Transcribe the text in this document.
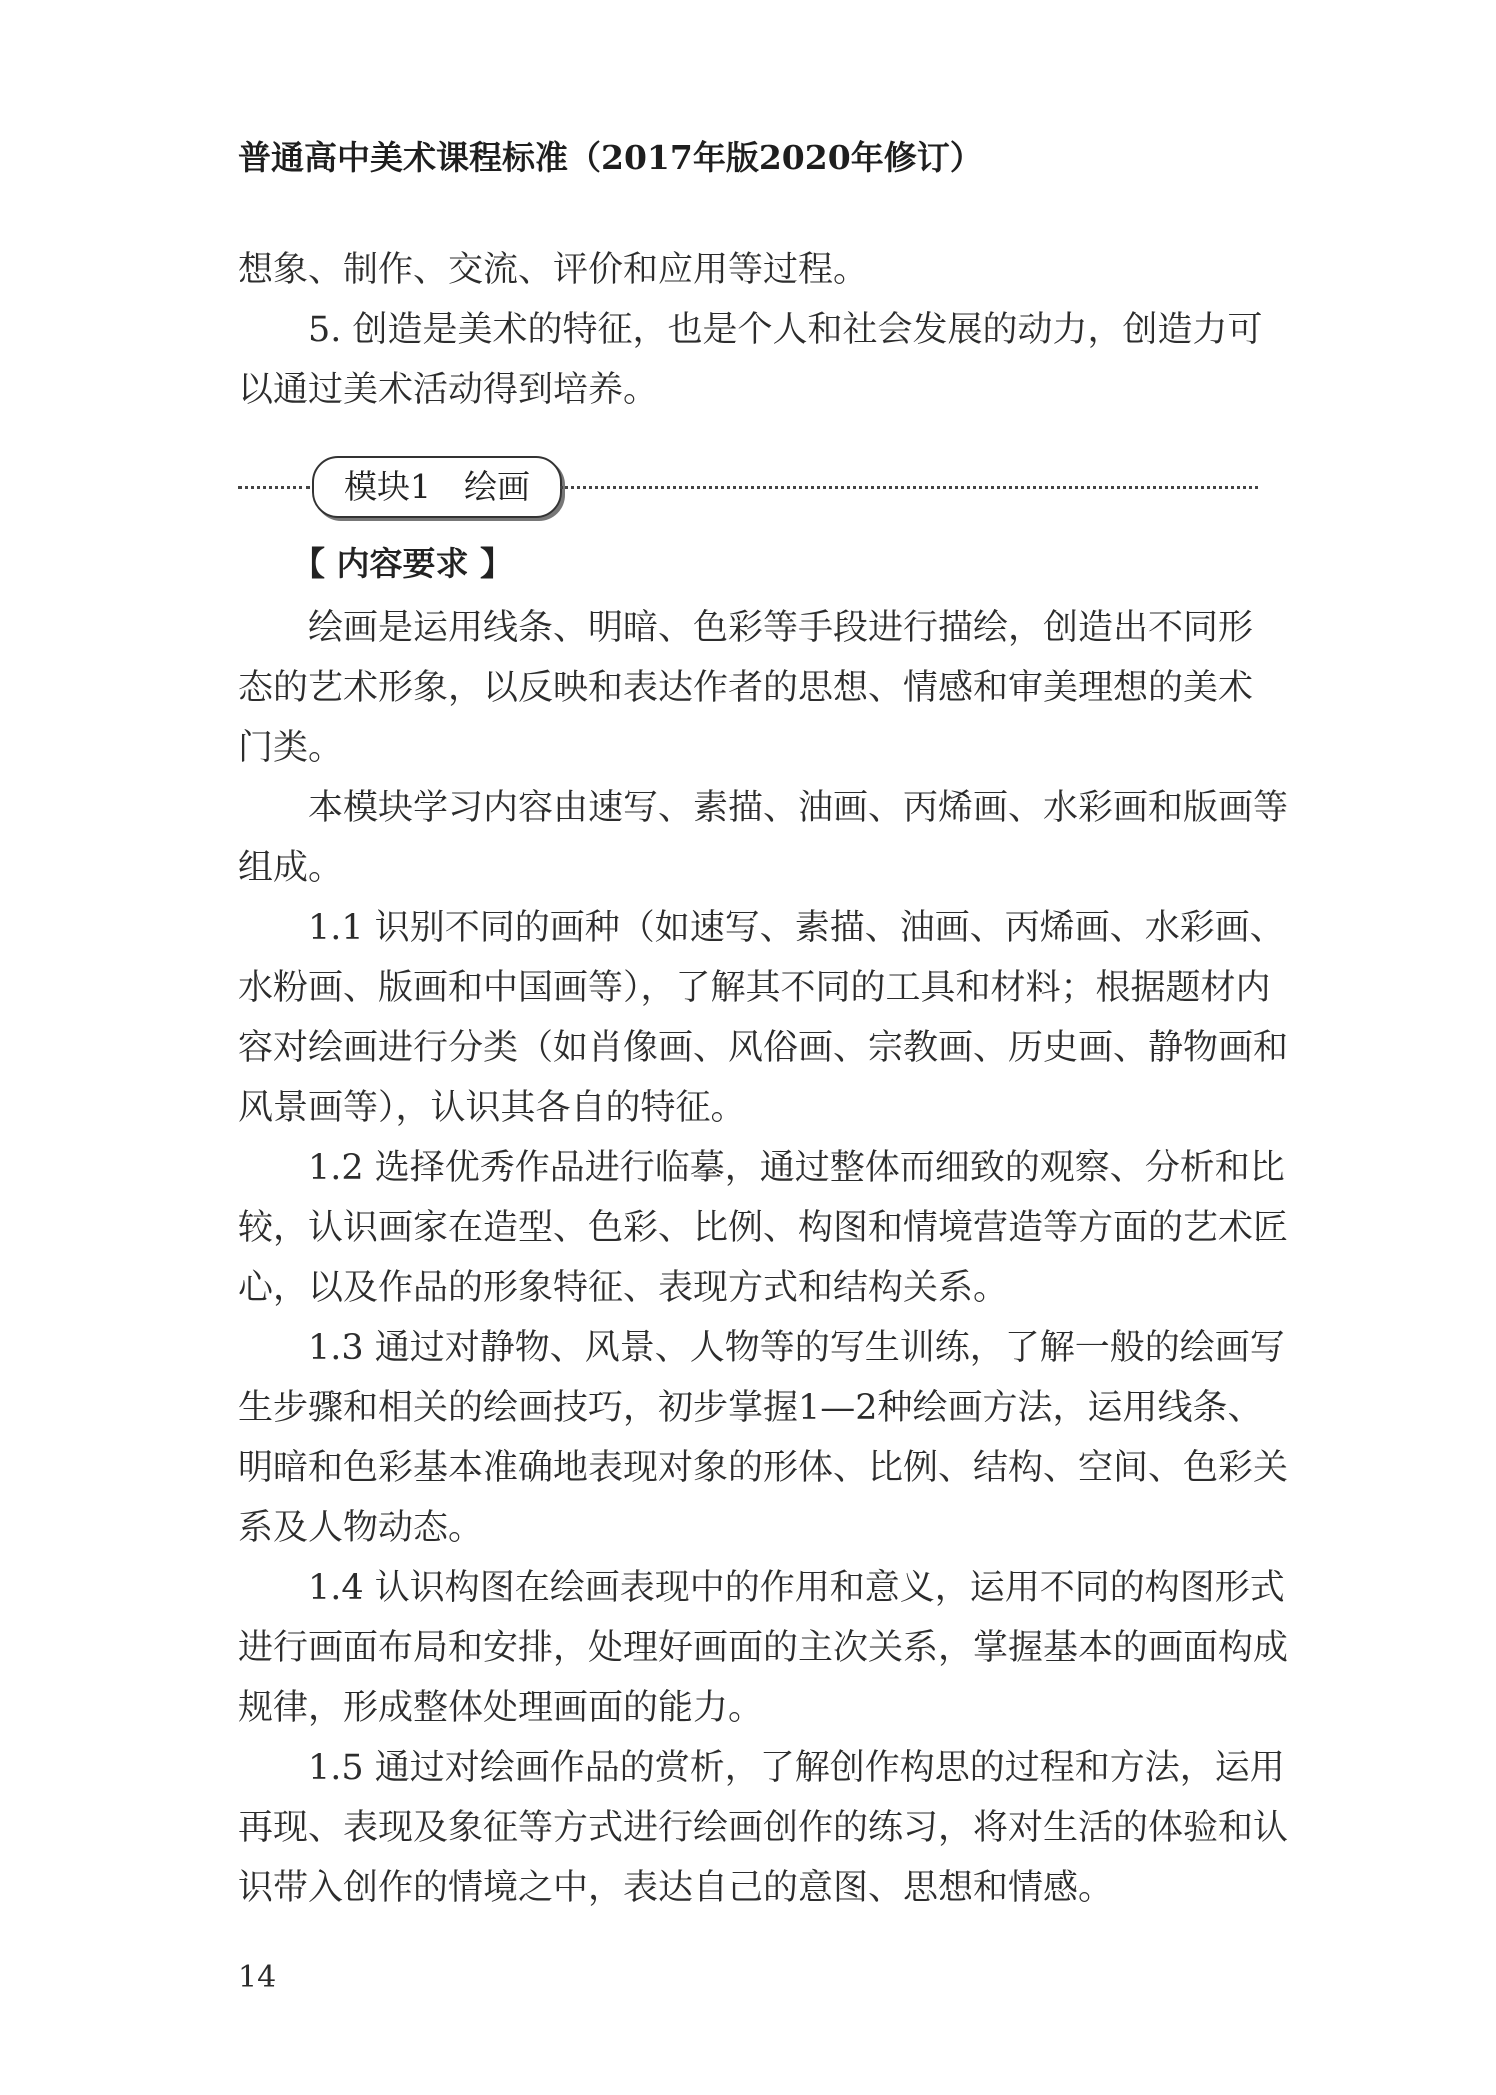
普通高中美术课程标准（2017年版2020年修订）
想象、制作、交流、评价和应用等过程。
5. 创造是美术的特征，也是个人和社会发展的动力，创造力可
以通过美术活动得到培养。
模块1　绘画
【 内容要求 】
绘画是运用线条、明暗、色彩等手段进行描绘，创造出不同形
态的艺术形象，以反映和表达作者的思想、情感和审美理想的美术
门类。
本模块学习内容由速写、素描、油画、丙烯画、水彩画和版画等
组成。
1.1 识别不同的画种（如速写、素描、油画、丙烯画、水彩画、
水粉画、版画和中国画等），了解其不同的工具和材料；根据题材内
容对绘画进行分类（如肖像画、风俗画、宗教画、历史画、静物画和
风景画等），认识其各自的特征。
1.2 选择优秀作品进行临摹，通过整体而细致的观察、分析和比
较，认识画家在造型、色彩、比例、构图和情境营造等方面的艺术匠
心，以及作品的形象特征、表现方式和结构关系。
1.3 通过对静物、风景、人物等的写生训练，了解一般的绘画写
生步骤和相关的绘画技巧，初步掌握1—2种绘画方法，运用线条、
明暗和色彩基本准确地表现对象的形体、比例、结构、空间、色彩关
系及人物动态。
1.4 认识构图在绘画表现中的作用和意义，运用不同的构图形式
进行画面布局和安排，处理好画面的主次关系，掌握基本的画面构成
规律，形成整体处理画面的能力。
1.5 通过对绘画作品的赏析，了解创作构思的过程和方法，运用
再现、表现及象征等方式进行绘画创作的练习，将对生活的体验和认
识带入创作的情境之中，表达自己的意图、思想和情感。
14
